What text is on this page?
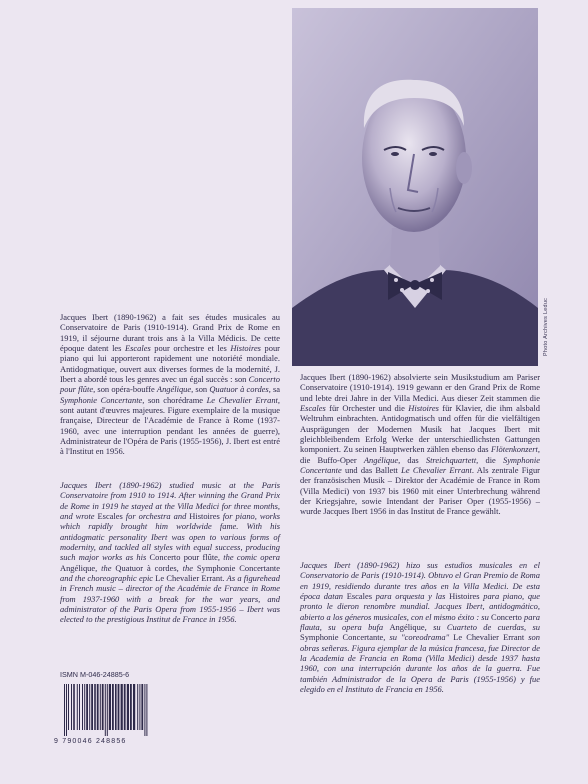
Photo Archives Leduc

Jacques Ibert (1890-1962) a fait ses études musicales au Conservatoire de Paris (1910-1914). Grand Prix de Rome en 1919, il séjourne durant trois ans à la Villa Médicis. De cette époque datent les Escales pour orchestre et les Histoires pour piano qui lui apporteront rapidement une notoriété mondiale. Antidogmatique, ouvert aux diverses formes de la modernité, J. Ibert a abordé tous les genres avec un égal succès : son Concerto pour flûte, son opéra-bouffe Angélique, son Quatuor à cordes, sa Symphonie Concertante, son chorédrame Le Chevalier Errant, sont autant d'œuvres majeures. Figure exemplaire de la musique française, Directeur de l'Académie de France à Rome (1937-1960, avec une interruption pendant les années de guerre), Administrateur de l'Opéra de Paris (1955-1956), J. Ibert est entré à l'Institut en 1956.

Jacques Ibert (1890-1962) studied music at the Paris Conservatoire from 1910 to 1914. After winning the Grand Prix de Rome in 1919 he stayed at the Villa Medici for three months, and wrote Escales for orchestra and Histoires for piano, works which rapidly brought him worldwide fame. With his antidogmatic personality Ibert was open to various forms of modernity, and tackled all styles with equal success, producing such major works as his Concerto pour flûte, the comic opera Angélique, the Quatuor à cordes, the Symphonie Concertante and the choreographic epic Le Chevalier Errant. As a figurehead in French music – director of the Académie de France in Rome from 1937-1960 with a break for the war years, and administrator of the Paris Opera from 1955-1956 – Ibert was elected to the prestigious Institut de France in 1956.

Jacques Ibert (1890-1962) absolvierte sein Musikstudium am Pariser Conservatoire (1910-1914). 1919 gewann er den Grand Prix de Rome und lebte drei Jahre in der Villa Medici. Aus dieser Zeit stammen die Escales für Orchester und die Histoires für Klavier, die ihm alsbald Weltruhm einbrachten. Antidogmatisch und offen für die vielfältigen Ausprägungen der Modernen Musik hat Jacques Ibert mit gleichbleibendem Erfolg Werke der unterschiedlichsten Gattungen komponiert. Zu seinen Hauptwerken zählen ebenso das Flötenkonzert, die Buffo-Oper Angélique, das Streichquartett, die Symphonie Concertante und das Ballett Le Chevalier Errant. Als zentrale Figur der französischen Musik – Direktor der Académie de France in Rom (Villa Medici) von 1937 bis 1960 mit einer Unterbrechung während der Kriegsjahre, sowie Intendant der Pariser Oper (1955-1956) – wurde Jacques Ibert 1956 in das Institut de France gewählt.

Jacques Ibert (1890-1962) hizo sus estudios musicales en el Conservatorio de Paris (1910-1914). Obtuvo el Gran Premio de Roma en 1919, residiendo durante tres años en la Villa Medici. De esta época datan Escales para orquesta y las Histoires para piano, que pronto le dieron renombre mundial. Jacques Ibert, antidogmático, abierto a los géneros musicales, con el mismo éxito : su Concerto para flauta, su opera bufa Angélique, su Cuarteto de cuerdas, su Symphonie Concertante, su "coreodrama" Le Chevalier Errant son obras señeras. Figura ejemplar de la música francesa, fue Director de la Academia de Francia en Roma (Villa Medici) desde 1937 hasta 1960, con una interrupción durante los años de la guerra. Fue también Administrador de la Opera de Paris (1955-1956) y fue elegido en el Instituto de Francia en 1956.

ISMN M-046-24885-6
9 790046 248856
